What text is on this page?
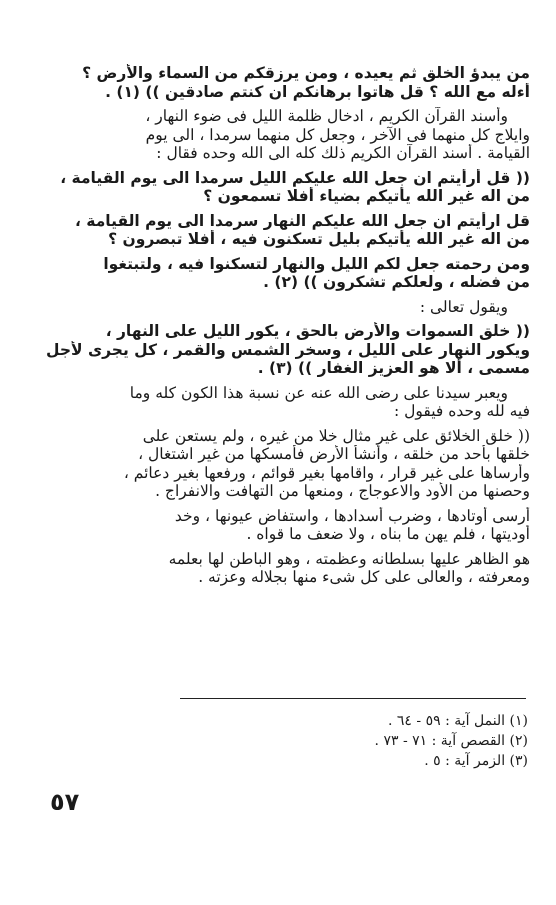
من يبدؤ الخلق ثم يعيده ، ومن يرزقكم من السماء والأرض ؟
أءله مع الله ؟ قل هاتوا برهانكم ان كنتم صادقين )) (١) .
وأسند القرآن الكريم ، ادخال ظلمة الليل فى ضوء النهار ،
وايلاج كل منهما فى الآخر ، وجعل كل منهما سرمدا ، الى يوم
القيامة . أسند القرآن الكريم ذلك كله الى الله وحده فقال :
(( قل أرأيتم ان جعل الله عليكم الليل سرمدا الى يوم القيامة ،
من اله غير الله يأتيكم بضياء أفلا تسمعون ؟
قل ارأيتم ان جعل الله عليكم النهار سرمدا الى يوم القيامة ،
من اله غير الله يأتيكم بليل تسكنون فيه ، أفلا تبصرون ؟
ومن رحمته جعل لكم الليل والنهار لتسكنوا فيه ، ولتبتغوا
من فضله ، ولعلكم تشكرون )) (٢) .
ويقول تعالى :
(( خلق السموات والأرض بالحق ، يكور الليل على النهار ،
ويكور النهار على الليل ، وسخر الشمس والقمر ، كل يجرى لأجل
مسمى ، ألا هو العزيز الغفار )) (٣) .
ويعبر سيدنا على رضى الله عنه عن نسبة هذا الكون كله وما
فيه لله وحده فيقول :
(( خلق الخلائق على غير مثال خلا من غيره ، ولم يستعن على
خلقها بأحد من خلقه ، وأنشأ الأرض فأمسكها من غير اشتغال ،
وأرساها على غير قرار ، واقامها بغير قوائم ، ورفعها بغير دعائم ،
وحصنها من الأود والاعوجاج ، ومنعها من التهافت والانفراج .
أرسى أوتادها ، وضرب أسدادها ، واستفاض عيونها ، وخد
أوديتها ، فلم يهن ما بناه ، ولا ضعف ما قواه .
هو الظاهر عليها بسلطانه وعظمته ، وهو الباطن لها بعلمه
ومعرفته ، والعالى على كل شىء منها بجلاله وعزته .
(١) النمل آية : ٥٩ - ٦٤ .
(٢) القصص آية : ٧١ - ٧٣ .
(٣) الزمر آية : ٥ .
٥٧
